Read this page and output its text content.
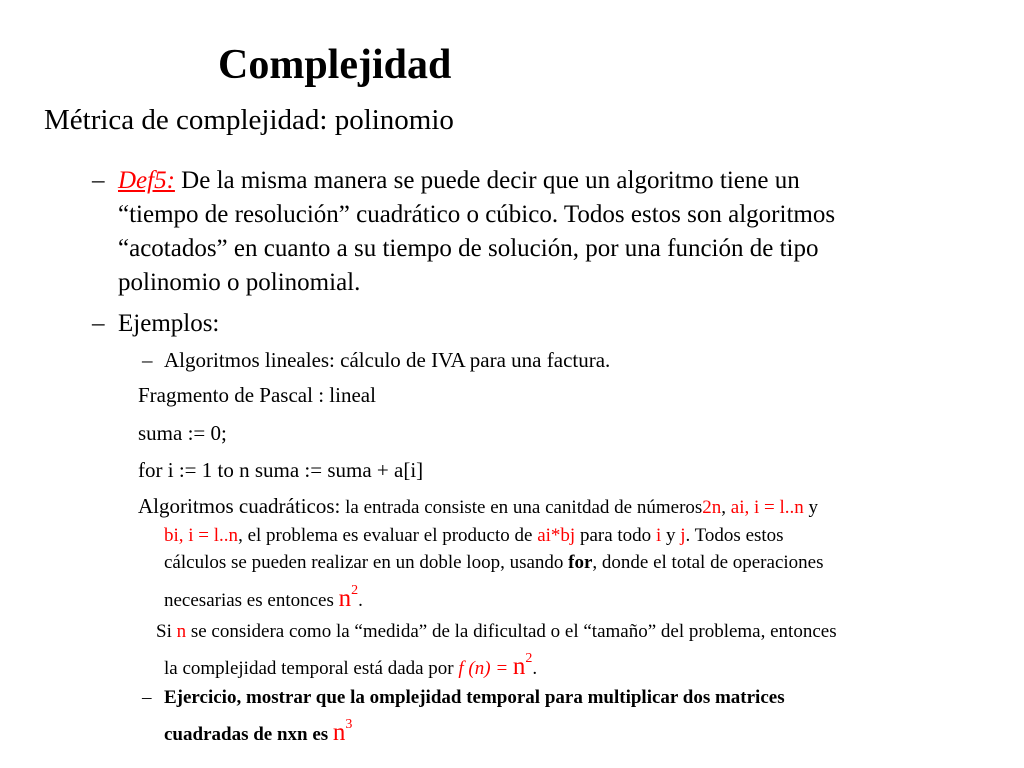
Complejidad
Métrica de complejidad: polinomio
– Def5: De la misma manera se puede decir que un algoritmo tiene un
“tiempo de resolución” cuadrático o cúbico. Todos estos son algoritmos
“acotados” en cuanto a su tiempo de solución, por una función de tipo
polinomio o polinomial.
– Ejemplos:
– Algoritmos lineales: cálculo de IVA para una factura.
Fragmento de Pascal : lineal
suma := 0;
for i := 1 to n suma := suma + a[i]
Algoritmos cuadráticos: la entrada consiste en una canitdad de números2n, ai, i = l..n y
bi, i = l..n, el problema es evaluar el producto de ai*bj para todo i y j. Todos estos
cálculos se pueden realizar en un doble loop, usando for, donde el total de operaciones
necesarias es entonces $n^2$.
Si n se considera como la “medida” de la dificultad o el “tamaño” del problema, entonces
la complejidad temporal está dada por f $(n) = n^2$.
– Ejercicio, mostrar que la omplejidad temporal para multiplicar dos matrices
cuadradas de nxn es $n^3$
